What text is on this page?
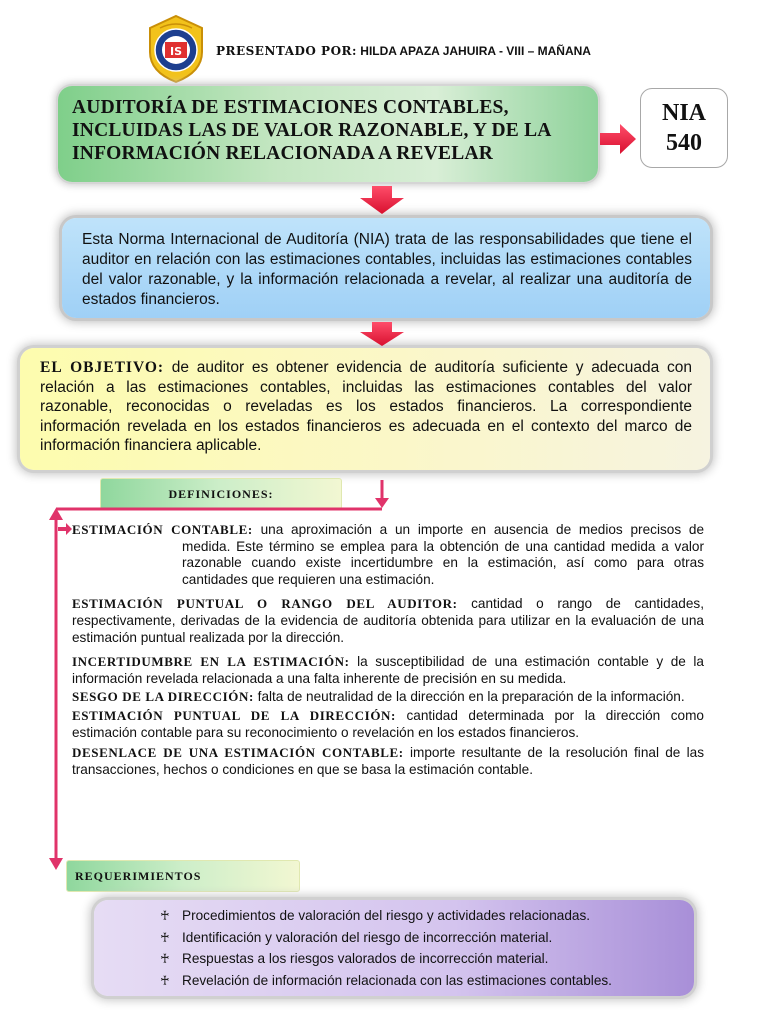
IS	PRESENTADO POR: HILDA APAZA JAHUIRA - VIII – MAÑANA
AUDITORÍA DE ESTIMACIONES CONTABLES, INCLUIDAS LAS DE VALOR RAZONABLE, Y DE LA INFORMACIÓN RELACIONADA A REVELAR
NIA
540
Esta Norma Internacional de Auditoría (NIA) trata de las responsabilidades que tiene el auditor en relación con las estimaciones contables, incluidas las estimaciones contables del valor razonable, y la información relacionada a revelar, al realizar una auditoría de estados financieros.
EL OBJETIVO: de auditor es obtener evidencia de auditoría suficiente y adecuada con relación a las estimaciones contables, incluidas las estimaciones contables del valor razonable, reconocidas o reveladas es los estados financieros. La correspondiente información revelada en los estados financieros es adecuada en el contexto del marco de información financiera aplicable.
DEFINICIONES:

ESTIMACIÓN CONTABLE: una aproximación a un importe en ausencia de medios precisos de medida. Este término se emplea para la obtención de una cantidad medida a valor razonable cuando existe incertidumbre en la estimación, así como para otras cantidades que requieren una estimación.

ESTIMACIÓN PUNTUAL O RANGO DEL AUDITOR: cantidad o rango de cantidades, respectivamente, derivadas de la evidencia de auditoría obtenida para utilizar en la evaluación de una estimación puntual realizada por la dirección.

INCERTIDUMBRE EN LA ESTIMACIÓN: la susceptibilidad de una estimación contable y de la información revelada relacionada a una falta inherente de precisión en su medida.

SESGO DE LA DIRECCIÓN: falta de neutralidad de la dirección en la preparación de la información.

ESTIMACIÓN PUNTUAL DE LA DIRECCIÓN: cantidad determinada por la dirección como estimación contable para su reconocimiento o revelación en los estados financieros.

DESENLACE DE UNA ESTIMACIÓN CONTABLE: importe resultante de la resolución final de las transacciones, hechos o condiciones en que se basa la estimación contable.

REQUERIMIENTOS
♰ Procedimientos de valoración del riesgo y actividades relacionadas.
♰ Identificación y valoración del riesgo de incorrección material.
♰ Respuestas a los riesgos valorados de incorrección material.
♰ Revelación de información relacionada con las estimaciones contables.
